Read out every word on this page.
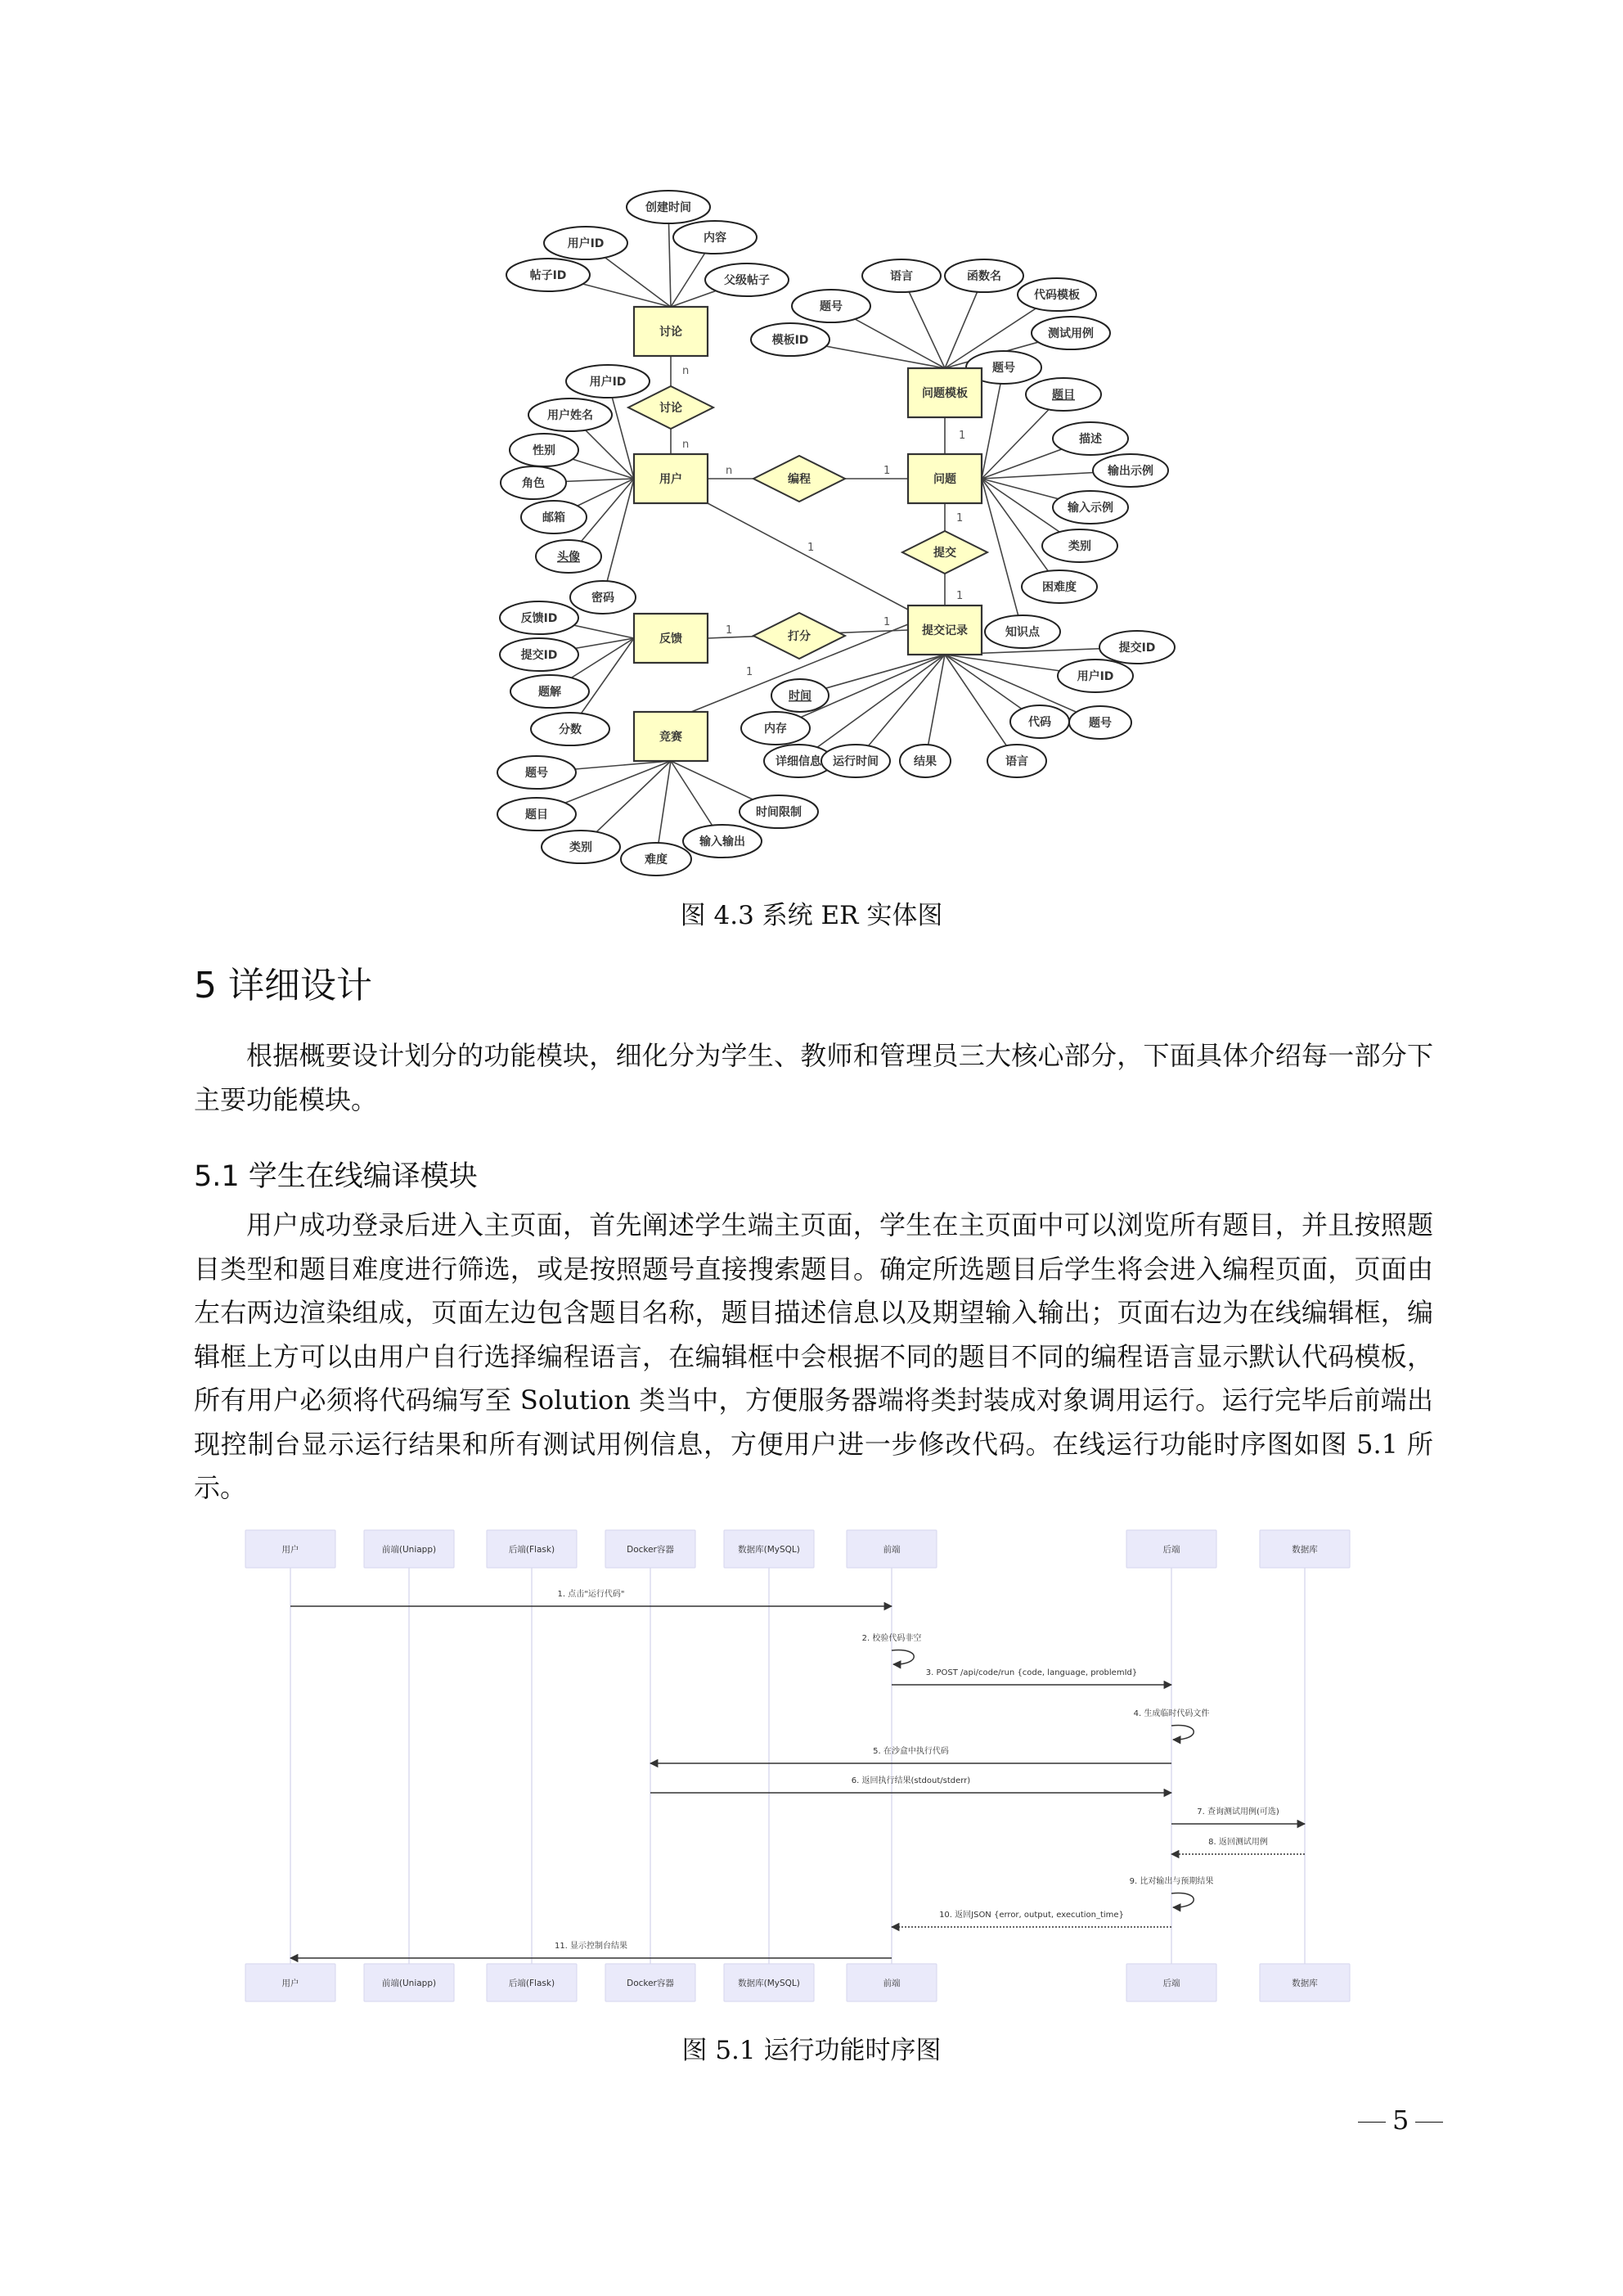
创建时间
用户ID	内容
帖子ID	父级帖子
用户ID
用户姓名
性别
角色
邮箱
头像
密码
语言	函数名
题号
代码模板
模板ID	测试用例
题号
题目
描述
输出示例
输入示例
类别
困难度
知识点
反馈ID
提交ID
题解
分数
提交ID
用户ID
时间
内存	代码	题号
详细信息 运行时间	结果	语言
题号
题目
类别
难度
输入输出
时间限制
讨论
n
n
编程
n	1
提交
1
1
打分
1
1
1
1
1
讨论
用户
问题模板
问题
反馈
提交记录
竞赛
图 4.3 系统 ER 实体图
5 详细设计

根据概要设计划分的功能模块，细化分为学生、教师和管理员三大核心部分，下面具体介绍每一部分下主要功能模块。

5.1 学生在线编译模块

用户成功登录后进入主页面，首先阐述学生端主页面，学生在主页面中可以浏览所有题目，并且按照题目类型和题目难度进行筛选，或是按照题号直接搜索题目。确定所选题目后学生将会进入编程页面，页面由左右两边渲染组成，页面左边包含题目名称，题目描述信息以及期望输入输出；页面右边为在线编辑框，编辑框上方可以由用户自行选择编程语言，在编辑框中会根据不同的题目不同的编程语言显示默认代码模板，所有用户必须将代码编写至 Solution 类当中，方便服务器端将类封装成对象调用运行。运行完毕后前端出现控制台显示运行结果和所有测试用例信息，方便用户进一步修改代码。在线运行功能时序图如图 5.1 所示。

用户
用户
前端(Uniapp)
前端(Uniapp)
后端(Flask)
后端(Flask)
Docker容器
Docker容器
数据库(MySQL)
数据库(MySQL)
前端
前端
后端
后端
数据库
数据库
1. 点击"运行代码"
2. 校验代码非空
3. POST /api/code/run {code, language, problemId}
4. 生成临时代码文件
5. 在沙盒中执行代码
6. 返回执行结果(stdout/stderr)
7. 查询测试用例(可选)
8. 返回测试用例
9. 比对输出与预期结果
10. 返回JSON {error, output, execution_time}
11. 显示控制台结果
图 5.1 运行功能时序图
5
